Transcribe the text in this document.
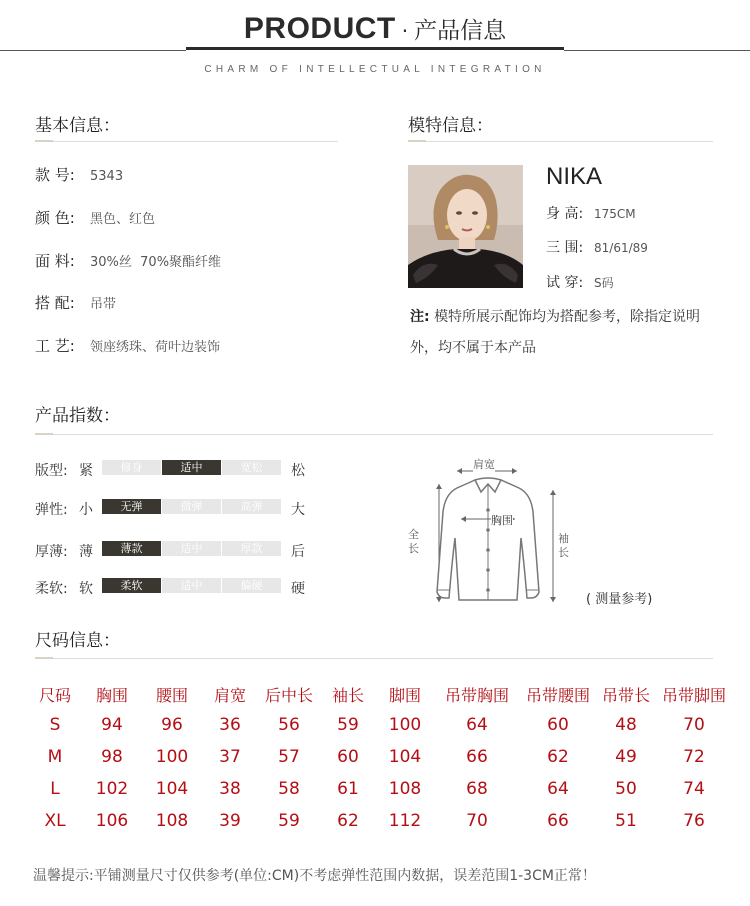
PRODUCT · 产品信息
CHARM OF INTELLECTUAL INTEGRATION
基本信息：
款 号: 5343
颜 色: 黑色、红色
面 料: 30%丝  70%聚酯纤维
搭 配: 吊带
工 艺: 领座绣珠、荷叶边装饰
模特信息：
NIKA
身 高: 175CM
三 围: 81/61/89
试 穿: S码
注: 模特所展示配饰均为搭配参考，除指定说明外，均不属于本产品
产品指数：
版型: 紧	修身	适中	宽松	松
弹性: 小	无弹	微弹	高弹	大
厚薄: 薄	薄款	适中	厚款	后
柔软: 软	柔软	适中	偏硬	硬
肩宽
胸围
全长
袖长
( 测量参考)
尺码信息：
尺码	胸围	腰围	肩宽	后中长	袖长	脚围	吊带胸围	吊带腰围	吊带长	吊带脚围
S	94	96	36	56	59	100	64	60	48	70
M	98	100	37	57	60	104	66	62	49	72
L	102	104	38	58	61	108	68	64	50	74
XL	106	108	39	59	62	112	70	66	51	76
温馨提示:平铺测量尺寸仅供参考(单位:CM)不考虑弹性范围内数据，误差范围1-3CM正常！
